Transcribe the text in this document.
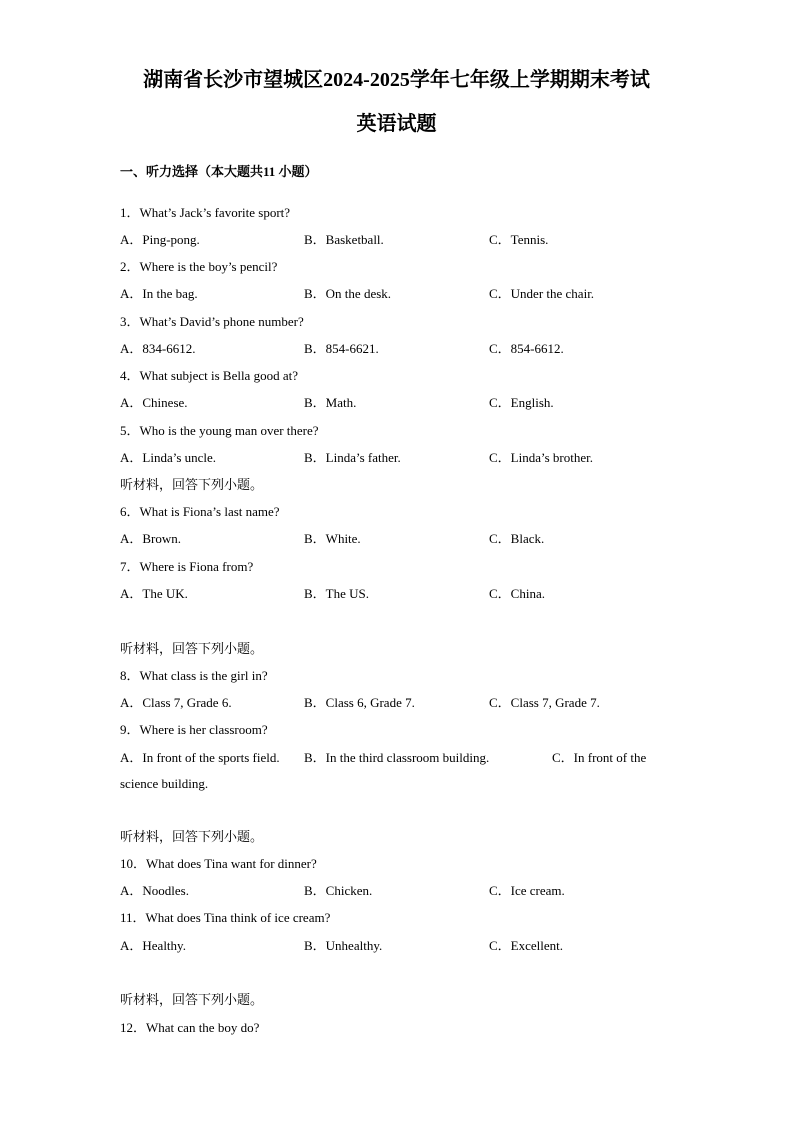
湖南省长沙市望城区2024-2025学年七年级上学期期末考试
英语试题
一、听力选择（本大题共11 小题）
1．What’s Jack’s favorite sport?
A．Ping-pong.	B．Basketball.	C．Tennis.
2．Where is the boy’s pencil?
A．In the bag.	B．On the desk.	C．Under the chair.
3．What’s David’s phone number?
A．834-6612.	B．854-6621.	C．854-6612.
4．What subject is Bella good at?
A．Chinese.	B．Math.	C．English.
5．Who is the young man over there?
A．Linda’s uncle.	B．Linda’s father.	C．Linda’s brother.
听材料，回答下列小题。
6．What is Fiona’s last name?
A．Brown.	B．White.	C．Black.
7．Where is Fiona from?
A．The UK.	B．The US.	C．China.
听材料，回答下列小题。
8．What class is the girl in?
A．Class 7, Grade 6.	B．Class 6, Grade 7.	C．Class 7, Grade 7.
9．Where is her classroom?
A．In front of the sports field. B．In the third classroom building.	C．In front of the
science building.
听材料，回答下列小题。
10．What does Tina want for dinner?
A．Noodles.	B．Chicken.	C．Ice cream.
11．What does Tina think of ice cream?
A．Healthy.	B．Unhealthy.	C．Excellent.
听材料，回答下列小题。
12．What can the boy do?
